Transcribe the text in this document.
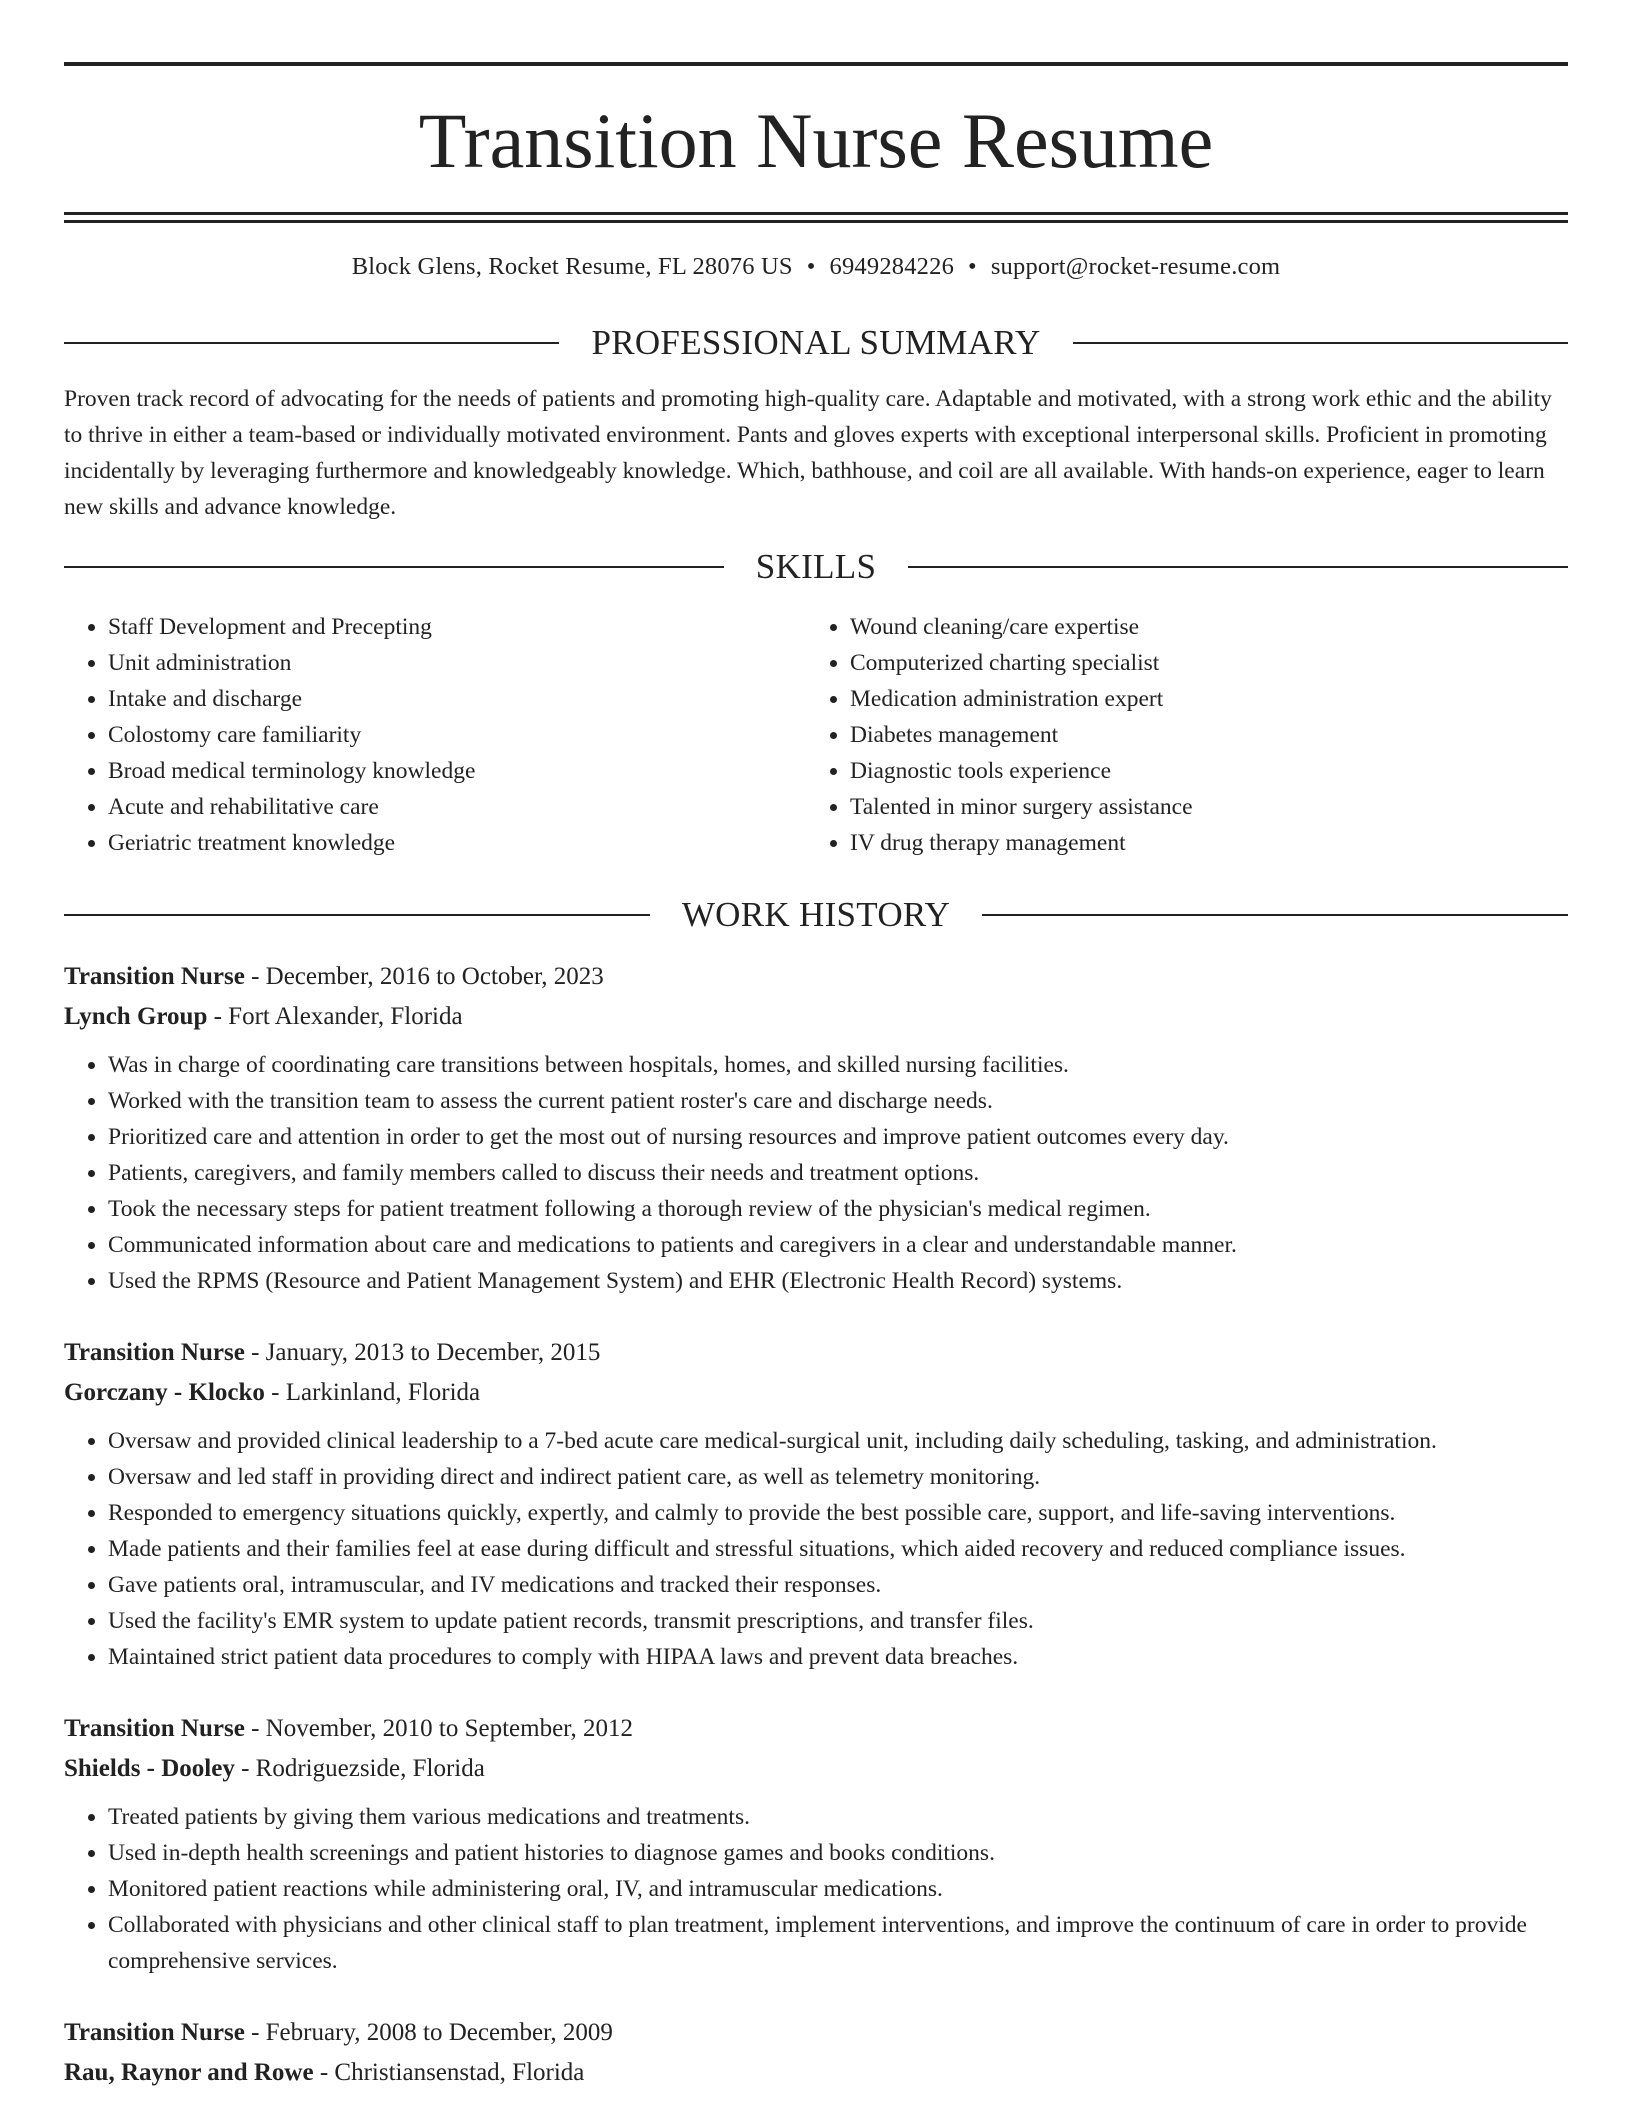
Transition Nurse Resume
Block Glens, Rocket Resume, FL 28076 US • 6949284226 • support@rocket-resume.com
PROFESSIONAL SUMMARY
Proven track record of advocating for the needs of patients and promoting high-quality care. Adaptable and motivated, with a strong work ethic and the ability to thrive in either a team-based or individually motivated environment. Pants and gloves experts with exceptional interpersonal skills. Proficient in promoting incidentally by leveraging furthermore and knowledgeably knowledge. Which, bathhouse, and coil are all available. With hands-on experience, eager to learn new skills and advance knowledge.
SKILLS
• Staff Development and Precepting
• Unit administration
• Intake and discharge
• Colostomy care familiarity
• Broad medical terminology knowledge
• Acute and rehabilitative care
• Geriatric treatment knowledge
• Wound cleaning/care expertise
• Computerized charting specialist
• Medication administration expert
• Diabetes management
• Diagnostic tools experience
• Talented in minor surgery assistance
• IV drug therapy management
WORK HISTORY
Transition Nurse - December, 2016 to October, 2023
Lynch Group - Fort Alexander, Florida
• Was in charge of coordinating care transitions between hospitals, homes, and skilled nursing facilities.
• Worked with the transition team to assess the current patient roster's care and discharge needs.
• Prioritized care and attention in order to get the most out of nursing resources and improve patient outcomes every day.
• Patients, caregivers, and family members called to discuss their needs and treatment options.
• Took the necessary steps for patient treatment following a thorough review of the physician's medical regimen.
• Communicated information about care and medications to patients and caregivers in a clear and understandable manner.
• Used the RPMS (Resource and Patient Management System) and EHR (Electronic Health Record) systems.
Transition Nurse - January, 2013 to December, 2015
Gorczany - Klocko - Larkinland, Florida
• Oversaw and provided clinical leadership to a 7-bed acute care medical-surgical unit, including daily scheduling, tasking, and administration.
• Oversaw and led staff in providing direct and indirect patient care, as well as telemetry monitoring.
• Responded to emergency situations quickly, expertly, and calmly to provide the best possible care, support, and life-saving interventions.
• Made patients and their families feel at ease during difficult and stressful situations, which aided recovery and reduced compliance issues.
• Gave patients oral, intramuscular, and IV medications and tracked their responses.
• Used the facility's EMR system to update patient records, transmit prescriptions, and transfer files.
• Maintained strict patient data procedures to comply with HIPAA laws and prevent data breaches.
Transition Nurse - November, 2010 to September, 2012
Shields - Dooley - Rodriguezside, Florida
• Treated patients by giving them various medications and treatments.
• Used in-depth health screenings and patient histories to diagnose games and books conditions.
• Monitored patient reactions while administering oral, IV, and intramuscular medications.
• Collaborated with physicians and other clinical staff to plan treatment, implement interventions, and improve the continuum of care in order to provide comprehensive services.
Transition Nurse - February, 2008 to December, 2009
Rau, Raynor and Rowe - Christiansenstad, Florida
